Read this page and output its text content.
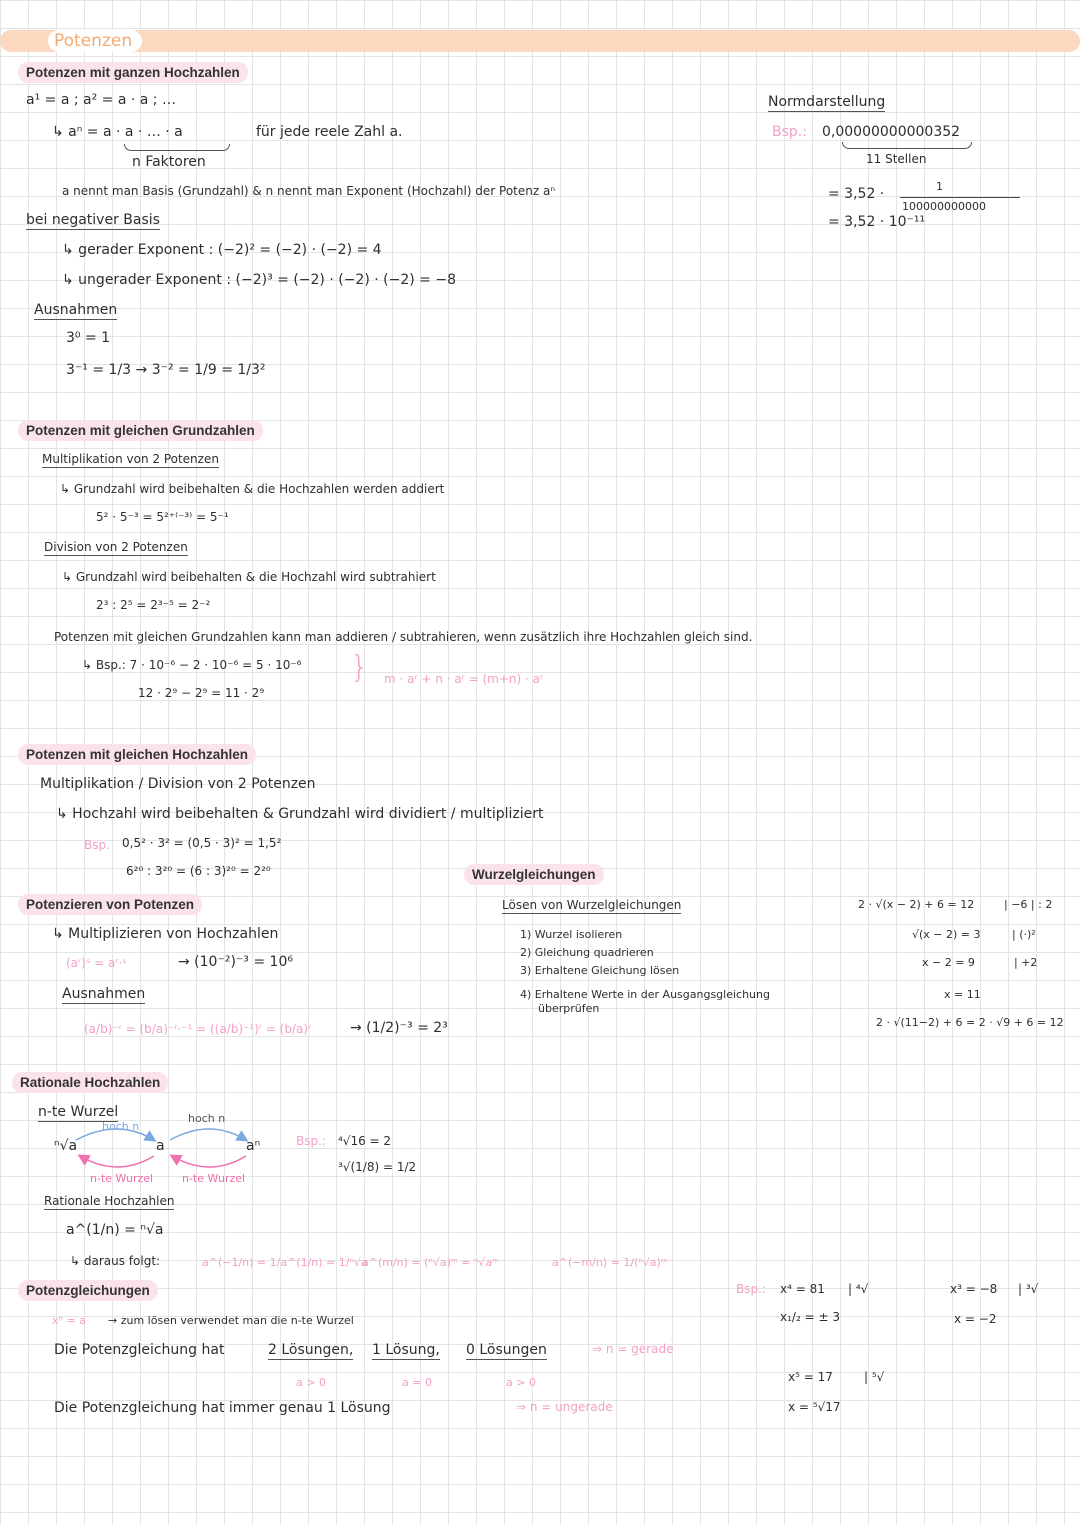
Potenzen
Potenzen mit ganzen Hochzahlen
a¹ = a ; a² = a · a ; …
↳ aⁿ = a · a · … · a	für jede reele Zahl a.
n Faktoren
a nennt man Basis (Grundzahl) & n nennt man Exponent (Hochzahl) der Potenz aⁿ
bei negativer Basis
↳ gerader Exponent : (−2)² = (−2) · (−2) = 4
↳ ungerader Exponent : (−2)³ = (−2) · (−2) · (−2) = −8
Ausnahmen
3⁰ = 1
3⁻¹ = 1/3 → 3⁻² = 1/9 = 1/3²
Normdarstellung
Bsp.: 0,00000000000352
11 Stellen
= 3,52 ·	1
100000000000
= 3,52 · 10⁻¹¹
Potenzen mit gleichen Grundzahlen
Multiplikation von 2 Potenzen
↳ Grundzahl wird beibehalten & die Hochzahlen werden addiert
5² · 5⁻³ = 5²⁺⁽⁻³⁾ = 5⁻¹
Division von 2 Potenzen
↳ Grundzahl wird beibehalten & die Hochzahl wird subtrahiert
2³ : 2⁵ = 2³⁻⁵ = 2⁻²
Potenzen mit gleichen Grundzahlen kann man addieren / subtrahieren, wenn zusätzlich ihre Hochzahlen gleich sind.
↳ Bsp.: 7 · 10⁻⁶ − 2 · 10⁻⁶ = 5 · 10⁻⁶
12 · 2⁹ − 2⁹ = 11 · 2⁹
} m · aʳ + n · aʳ = (m+n) · aʳ
Potenzen mit gleichen Hochzahlen
Multiplikation / Division von 2 Potenzen
↳ Hochzahl wird beibehalten & Grundzahl wird dividiert / multipliziert
Bsp. 0,5² · 3² = (0,5 · 3)² = 1,5²
6²⁰ : 3²⁰ = (6 : 3)²⁰ = 2²⁰
Potenzieren von Potenzen
↳ Multiplizieren von Hochzahlen
(aʳ)ˢ = aʳ·ˢ	→ (10⁻²)⁻³ = 10⁶
Ausnahmen
(a/b)⁻ʳ = (b/a)⁻ʳ·⁻¹ = ((a/b)⁻¹)ʳ = (b/a)ʳ	→ (1/2)⁻³ = 2³
Wurzelgleichungen
Lösen von Wurzelgleichungen
1) Wurzel isolieren
2) Gleichung quadrieren
3) Erhaltene Gleichung lösen
4) Erhaltene Werte in der Ausgangsgleichung
überprüfen
2 · √(x − 2) + 6 = 12	| −6 | : 2
√(x − 2) = 3	| (·)²
x − 2 = 9	| +2
x = 11
2 · √(11−2) + 6 = 2 · √9 + 6 = 12
Rationale Hochzahlen
n-te Wurzel
hoch n
hoch n
ⁿ√a	a	aⁿ
n-te Wurzel	n-te Wurzel
Bsp.: ⁴√16 = 2
³√(1/8) = 1/2
Rationale Hochzahlen
a^(1/n) = ⁿ√a
↳ daraus folgt:	a^(−1/n) = 1/a^(1/n) = 1/ⁿ√a
a^(m/n) = (ⁿ√a)ᵐ = ⁿ√aᵐ	a^(−m/n) = 1/(ⁿ√a)ᵐ
Potenzgleichungen
xⁿ = a → zum lösen verwendet man die n-te Wurzel
Die Potenzgleichung hat	2 Lösungen, 1 Lösung, 0 Lösungen	⇒ n = gerade
a > 0	a = 0	a > 0
Die Potenzgleichung hat immer genau 1 Lösung	⇒ n = ungerade
Bsp.: x⁴ = 81 | ⁴√
x₁/₂ = ± 3
x³ = −8 | ³√
x = −2
x⁵ = 17	| ⁵√
x = ⁵√17
